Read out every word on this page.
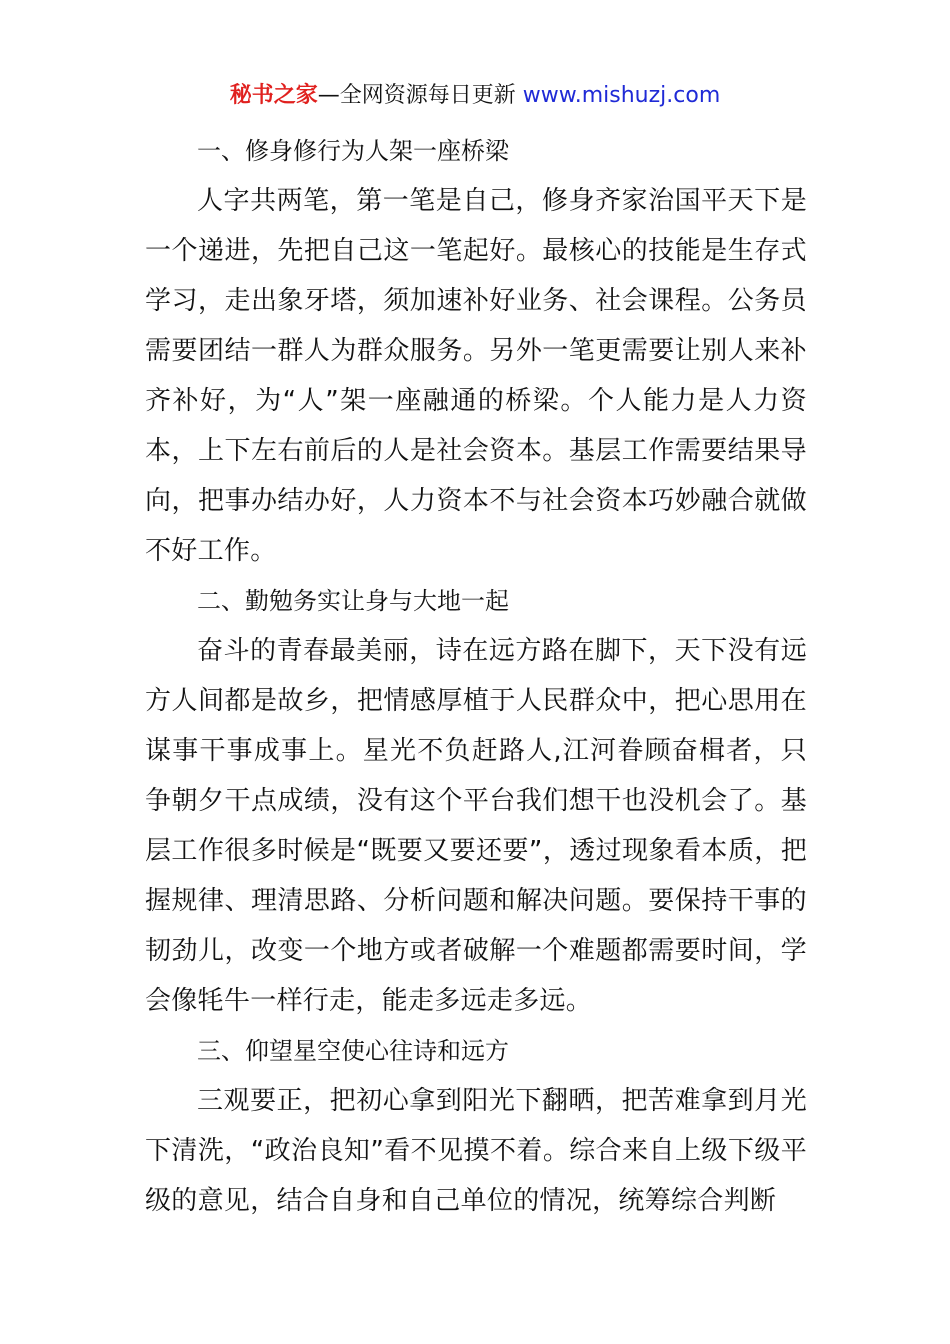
秘书之家—全网资源每日更新 www.mishuzj.com

一、修身修行为人架一座桥梁

人字共两笔，第一笔是自己，修身齐家治国平天下是一个递进，先把自己这一笔起好。最核心的技能是生存式学习，走出象牙塔，须加速补好业务、社会课程。公务员需要团结一群人为群众服务。另外一笔更需要让别人来补齐补好，为“人”架一座融通的桥梁。个人能力是人力资本，上下左右前后的人是社会资本。基层工作需要结果导向，把事办结办好，人力资本不与社会资本巧妙融合就做不好工作。

二、勤勉务实让身与大地一起

奋斗的青春最美丽，诗在远方路在脚下，天下没有远方人间都是故乡，把情感厚植于人民群众中，把心思用在谋事干事成事上。星光不负赶路人,江河眷顾奋楫者，只争朝夕干点成绩，没有这个平台我们想干也没机会了。基层工作很多时候是“既要又要还要”，透过现象看本质，把握规律、理清思路、分析问题和解决问题。要保持干事的韧劲儿，改变一个地方或者破解一个难题都需要时间，学会像牦牛一样行走，能走多远走多远。

三、仰望星空使心往诗和远方

三观要正，把初心拿到阳光下翻晒，把苦难拿到月光下清洗，“政治良知”看不见摸不着。综合来自上级下级平级的意见，结合自身和自己单位的情况，统筹综合判断
